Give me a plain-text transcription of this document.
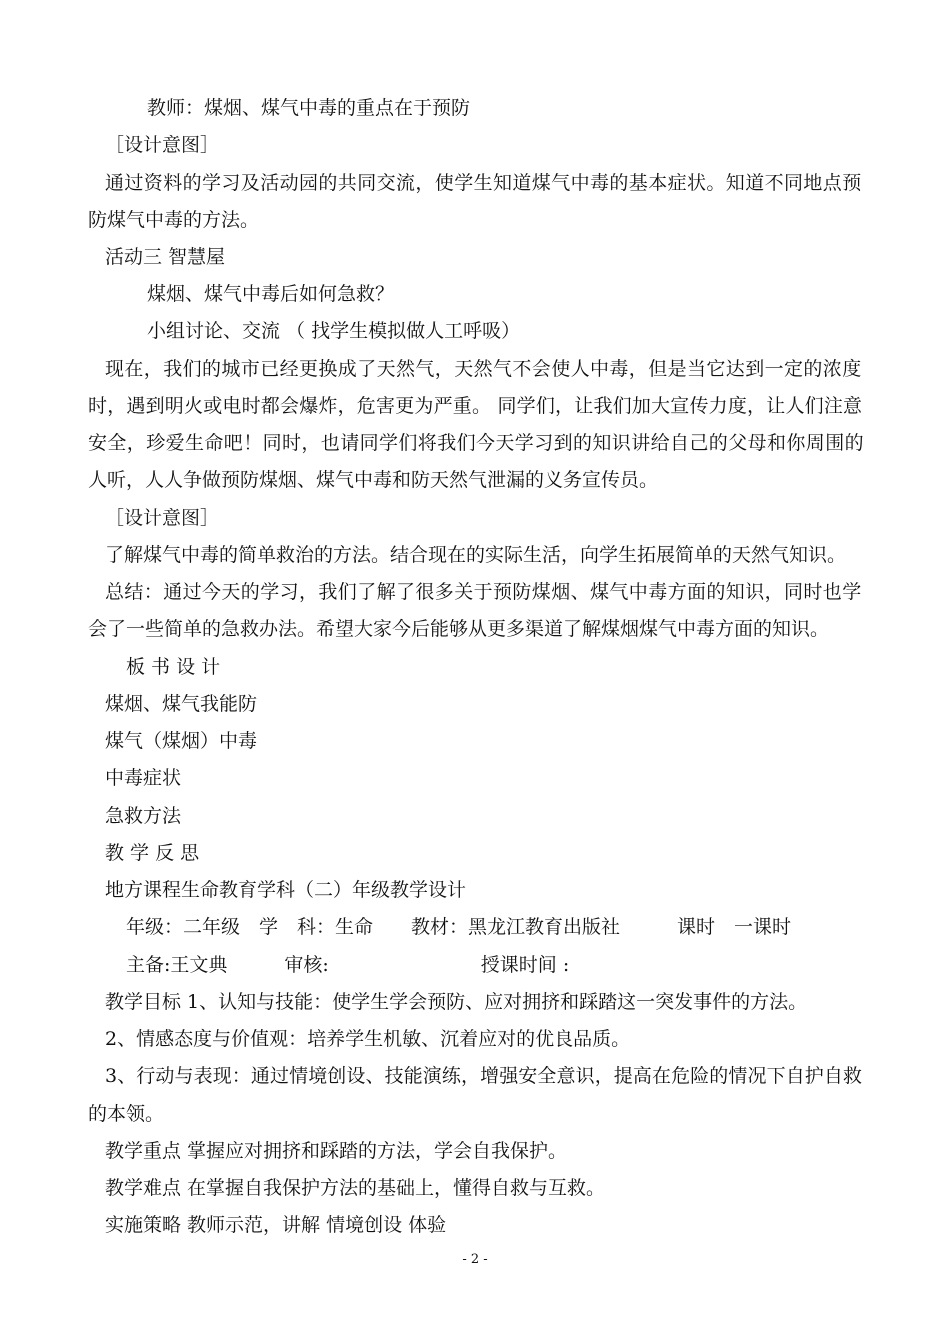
教师：煤烟、煤气中毒的重点在于预防
［设计意图］
通过资料的学习及活动园的共同交流，使学生知道煤气中毒的基本症状。知道不同地点预
防煤气中毒的方法。
活动三 智慧屋
煤烟、煤气中毒后如何急救？
小组讨论、交流 （ 找学生模拟做人工呼吸）
现在，我们的城市已经更换成了天然气，天然气不会使人中毒，但是当它达到一定的浓度
时，遇到明火或电时都会爆炸，危害更为严重。 同学们，让我们加大宣传力度，让人们注意
安全，珍爱生命吧！同时，也请同学们将我们今天学习到的知识讲给自己的父母和你周围的
人听，人人争做预防煤烟、煤气中毒和防天然气泄漏的义务宣传员。
［设计意图］
了解煤气中毒的简单救治的方法。结合现在的实际生活，向学生拓展简单的天然气知识。
总结：通过今天的学习，我们了解了很多关于预防煤烟、煤气中毒方面的知识，同时也学
会了一些简单的急救办法。希望大家今后能够从更多渠道了解煤烟煤气中毒方面的知识。
板 书 设 计
煤烟、煤气我能防
煤气（煤烟）中毒
中毒症状
急救方法
教 学 反 思
地方课程生命教育学科（二）年级教学设计
年级：二年级　学　科：生命　　教材：黑龙江教育出版社　　　课时　一课时
主备:王文典　　　审核:　　　　　　　　授课时间 :
教学目标 1、认知与技能：使学生学会预防、应对拥挤和踩踏这一突发事件的方法。
2、情感态度与价值观：培养学生机敏、沉着应对的优良品质。
3、行动与表现：通过情境创设、技能演练，增强安全意识，提高在危险的情况下自护自救
的本领。
教学重点 掌握应对拥挤和踩踏的方法，学会自我保护。
教学难点 在掌握自我保护方法的基础上，懂得自救与互救。
实施策略 教师示范，讲解 情境创设 体验
- 2 -
